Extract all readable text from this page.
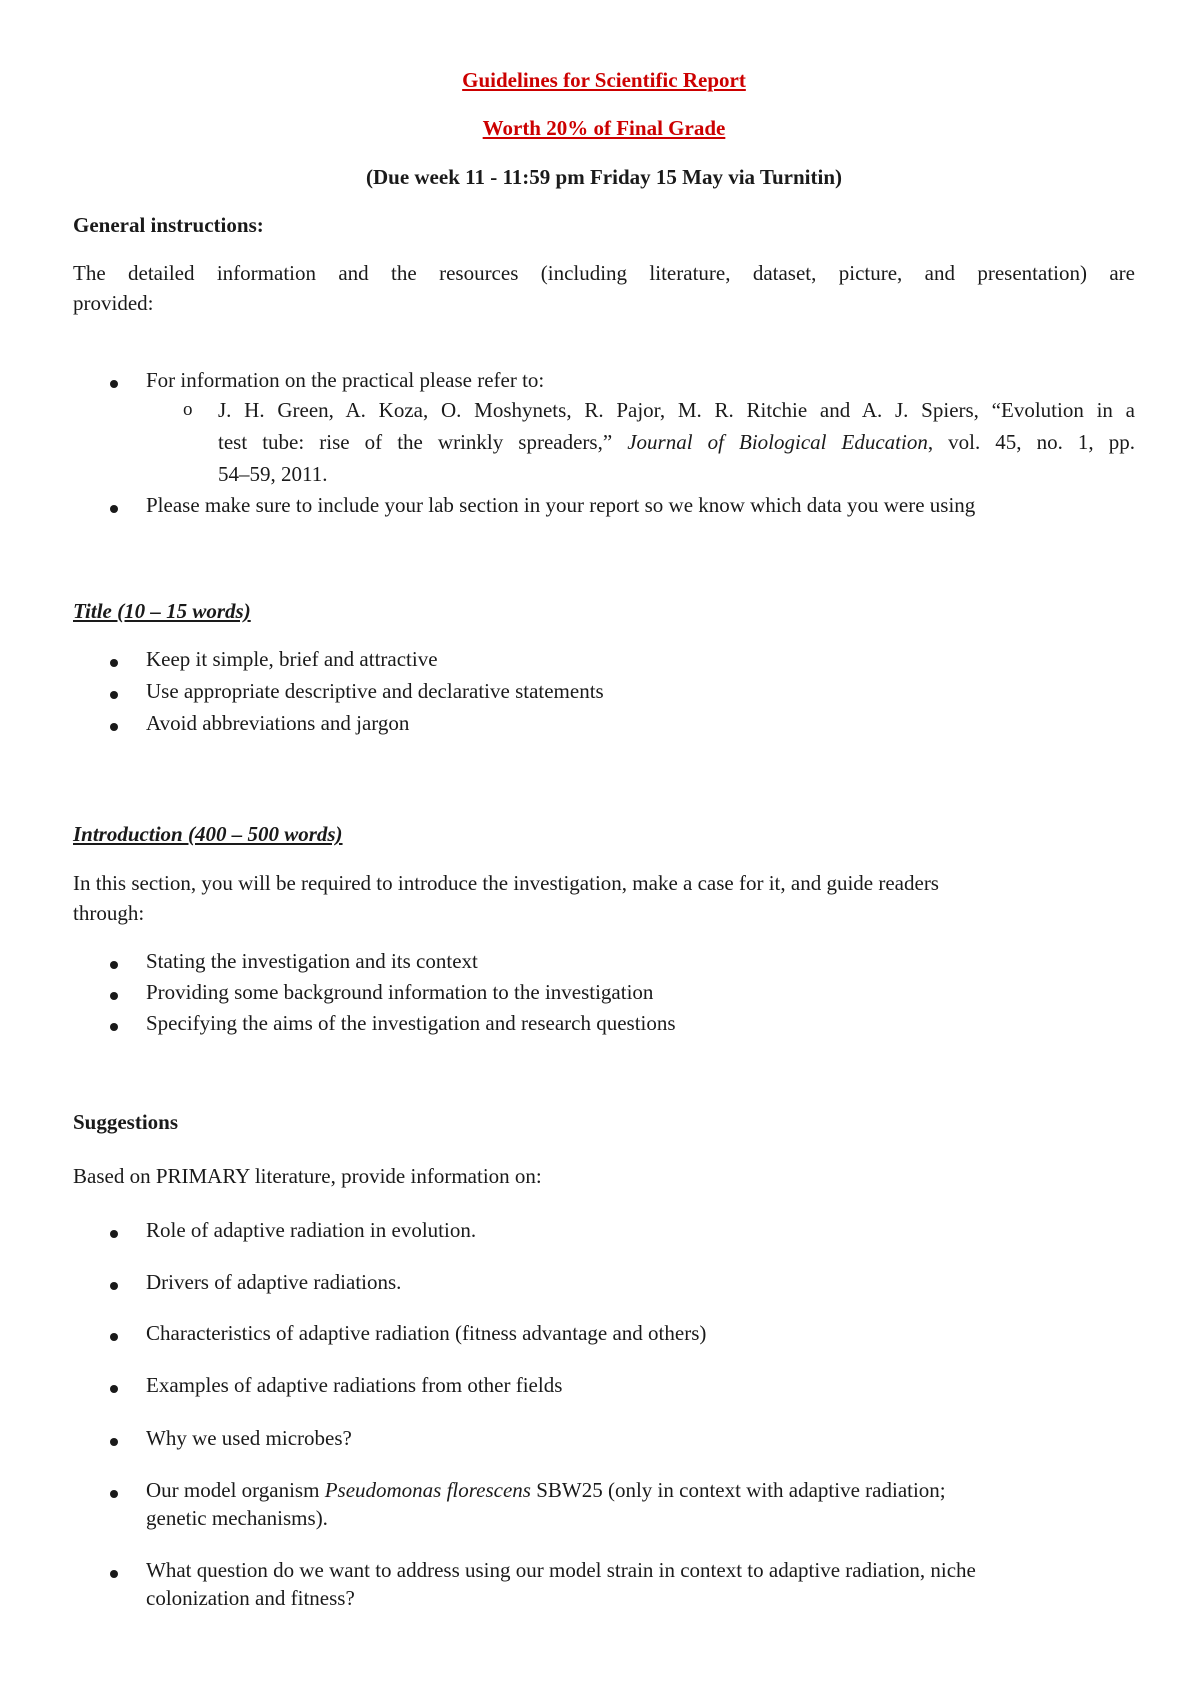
Guidelines for Scientific Report
Worth 20% of Final Grade
(Due week 11 - 11:59 pm Friday 15 May via Turnitin)
General instructions:
The detailed information and the resources (including literature, dataset, picture, and presentation) are
provided:
For information on the practical please refer to:
o J. H. Green, A. Koza, O. Moshynets, R. Pajor, M. R. Ritchie and A. J. Spiers, “Evolution in a
test tube: rise of the wrinkly spreaders,” Journal of Biological Education, vol. 45, no. 1, pp.
54–59, 2011.
Please make sure to include your lab section in your report so we know which data you were using
Title (10 – 15 words)
Keep it simple, brief and attractive
Use appropriate descriptive and declarative statements
Avoid abbreviations and jargon
Introduction (400 – 500 words)
In this section, you will be required to introduce the investigation, make a case for it, and guide readers
through:
Stating the investigation and its context
Providing some background information to the investigation
Specifying the aims of the investigation and research questions
Suggestions
Based on PRIMARY literature, provide information on:
Role of adaptive radiation in evolution.
Drivers of adaptive radiations.
Characteristics of adaptive radiation (fitness advantage and others)
Examples of adaptive radiations from other fields
Why we used microbes?
Our model organism Pseudomonas florescens SBW25 (only in context with adaptive radiation;
genetic mechanisms).
What question do we want to address using our model strain in context to adaptive radiation, niche
colonization and fitness?
